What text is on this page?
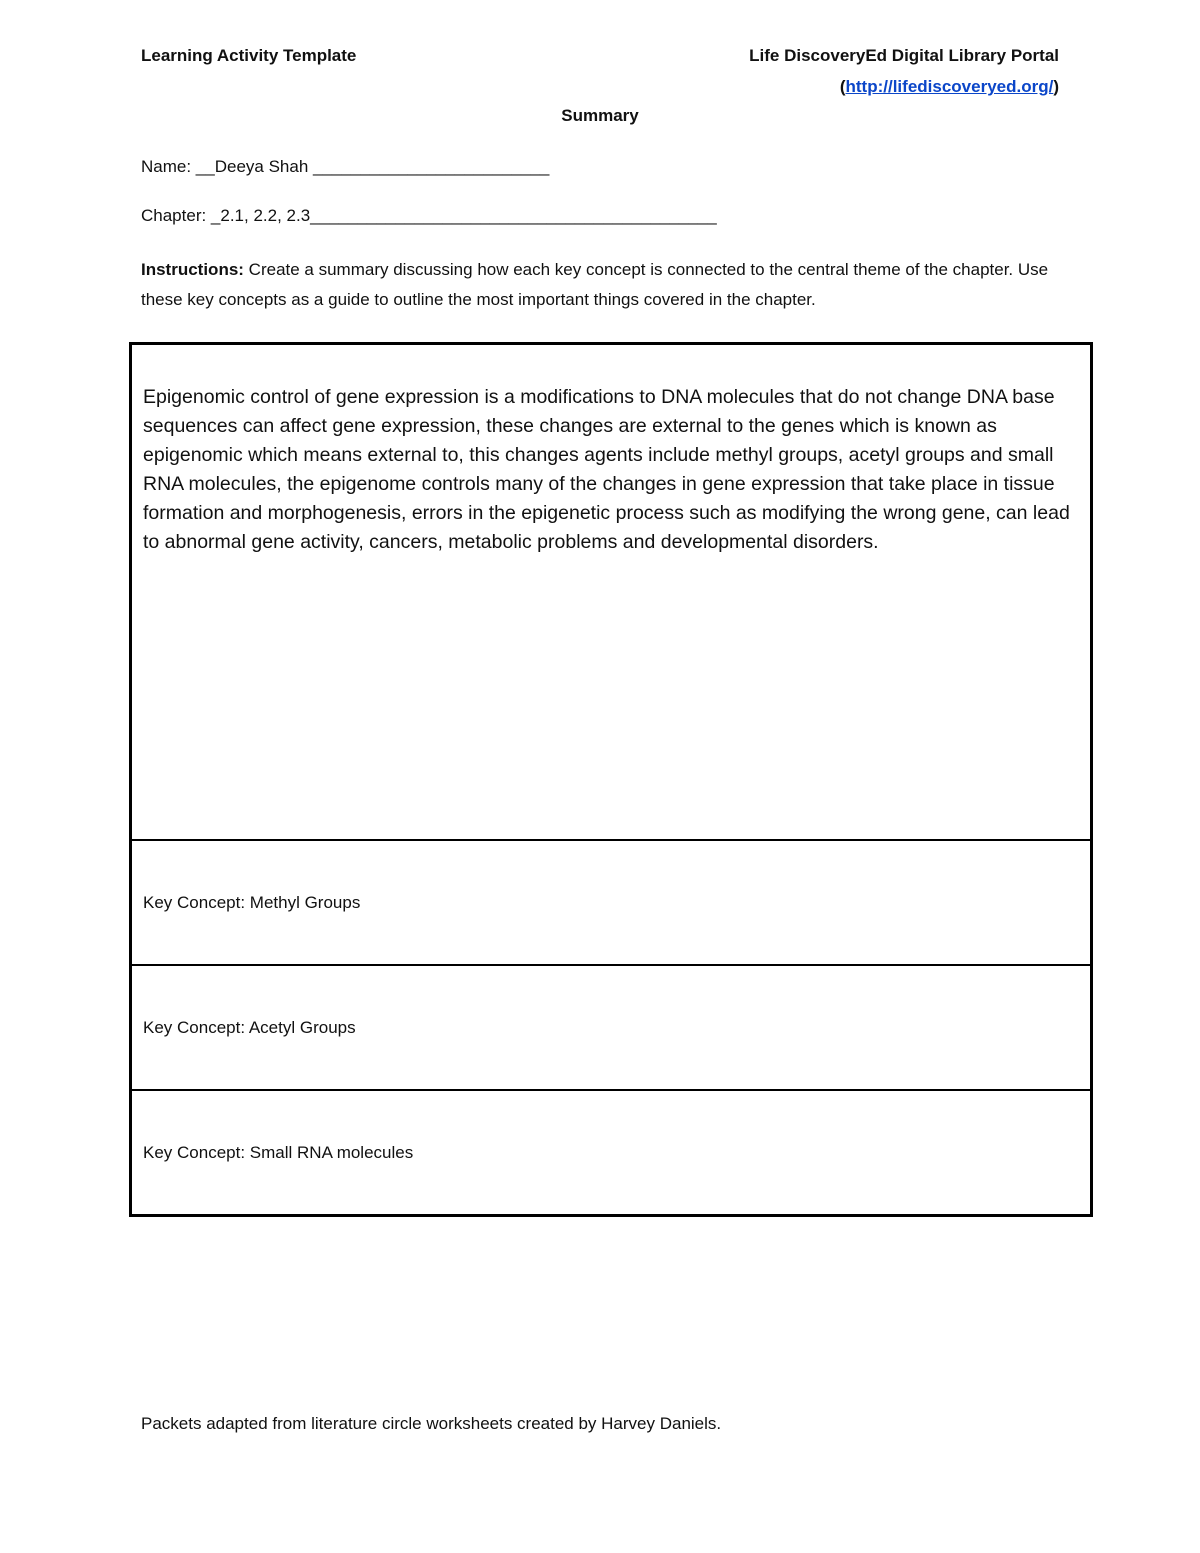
Learning Activity Template	Life DiscoveryEd Digital Library Portal
(http://lifediscoveryed.org/)
Summary
Name: __Deeya Shah _________________________
Chapter: _2.1, 2.2, 2.3___________________________________________
Instructions: Create a summary discussing how each key concept is connected to the central theme of the chapter. Use these key concepts as a guide to outline the most important things covered in the chapter.
Epigenomic control of gene expression is a modifications to DNA molecules that do not change DNA base sequences can affect gene expression, these changes are external to the genes which is known as epigenomic which means external to, this changes agents include methyl groups, acetyl groups and small RNA molecules, the epigenome controls many of the changes in gene expression that take place in tissue formation and morphogenesis, errors in the epigenetic process such as modifying the wrong gene, can lead to abnormal gene activity, cancers, metabolic problems and developmental disorders.
Key Concept: Methyl Groups
Key Concept: Acetyl Groups
Key Concept: Small RNA molecules
Packets adapted from literature circle worksheets created by Harvey Daniels.
